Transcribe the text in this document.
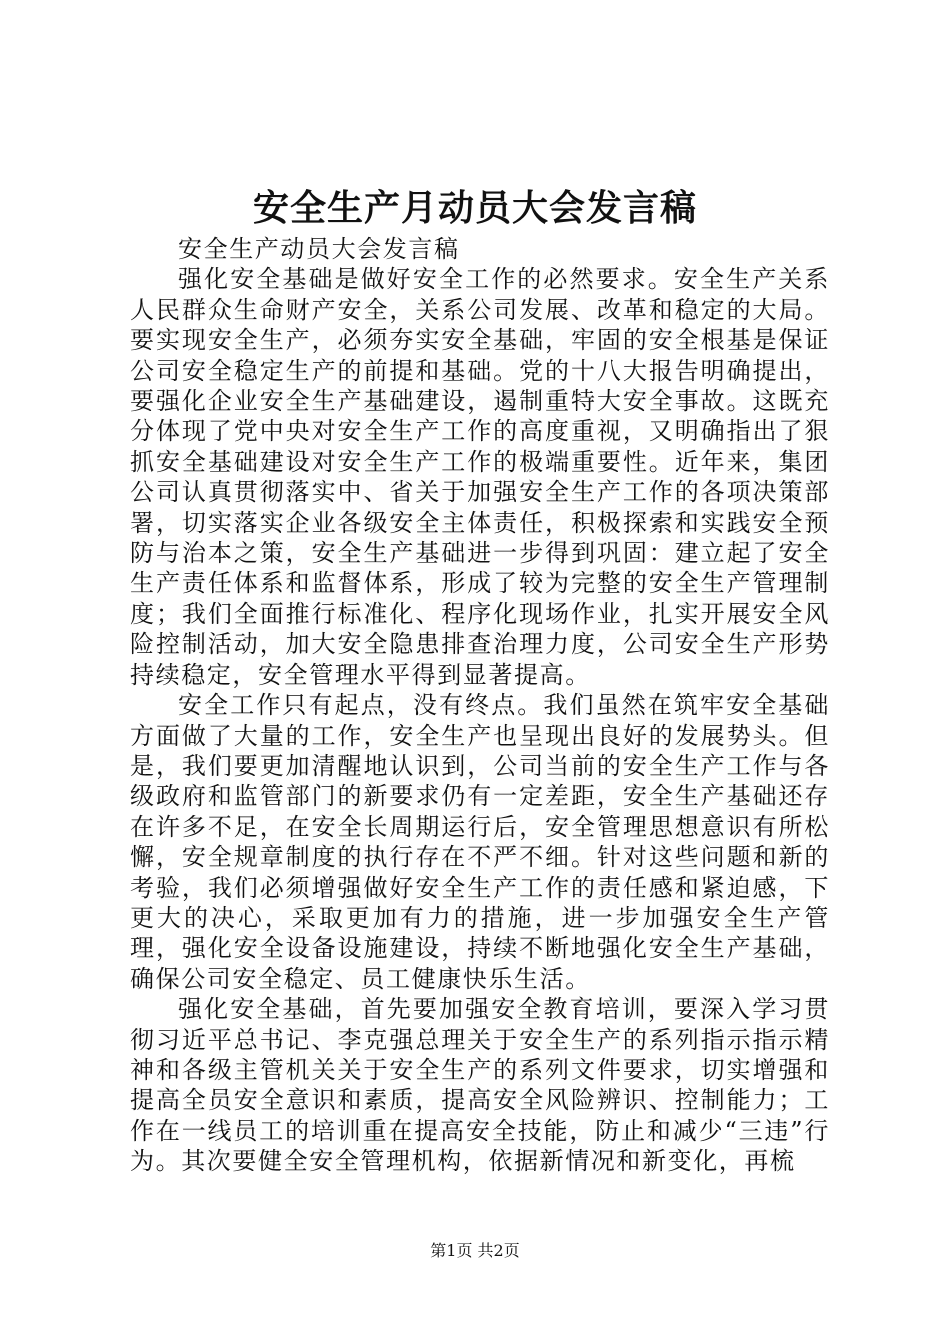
安全生产月动员大会发言稿

安全生产动员大会发言稿

强化安全基础是做好安全工作的必然要求。安全生产关系人民群众生命财产安全，关系公司发展、改革和稳定的大局。要实现安全生产，必须夯实安全基础，牢固的安全根基是保证公司安全稳定生产的前提和基础。党的十八大报告明确提出，要强化企业安全生产基础建设，遏制重特大安全事故。这既充分体现了党中央对安全生产工作的高度重视，又明确指出了狠抓安全基础建设对安全生产工作的极端重要性。近年来，集团公司认真贯彻落实中、省关于加强安全生产工作的各项决策部署，切实落实企业各级安全主体责任，积极探索和实践安全预防与治本之策，安全生产基础进一步得到巩固：建立起了安全生产责任体系和监督体系，形成了较为完整的安全生产管理制度；我们全面推行标准化、程序化现场作业，扎实开展安全风险控制活动，加大安全隐患排查治理力度，公司安全生产形势持续稳定，安全管理水平得到显著提高。

安全工作只有起点，没有终点。我们虽然在筑牢安全基础方面做了大量的工作，安全生产也呈现出良好的发展势头。但是，我们要更加清醒地认识到，公司当前的安全生产工作与各级政府和监管部门的新要求仍有一定差距，安全生产基础还存在许多不足，在安全长周期运行后，安全管理思想意识有所松懈，安全规章制度的执行存在不严不细。针对这些问题和新的考验，我们必须增强做好安全生产工作的责任感和紧迫感，下更大的决心，采取更加有力的措施，进一步加强安全生产管理，强化安全设备设施建设，持续不断地强化安全生产基础，确保公司安全稳定、员工健康快乐生活。

强化安全基础，首先要加强安全教育培训，要深入学习贯彻习近平总书记、李克强总理关于安全生产的系列指示指示精神和各级主管机关关于安全生产的系列文件要求，切实增强和提高全员安全意识和素质，提高安全风险辨识、控制能力；工作在一线员工的培训重在提高安全技能，防止和减少“三违”行为。其次要健全安全管理机构，依据新情况和新变化，再梳

第1页 共2页
